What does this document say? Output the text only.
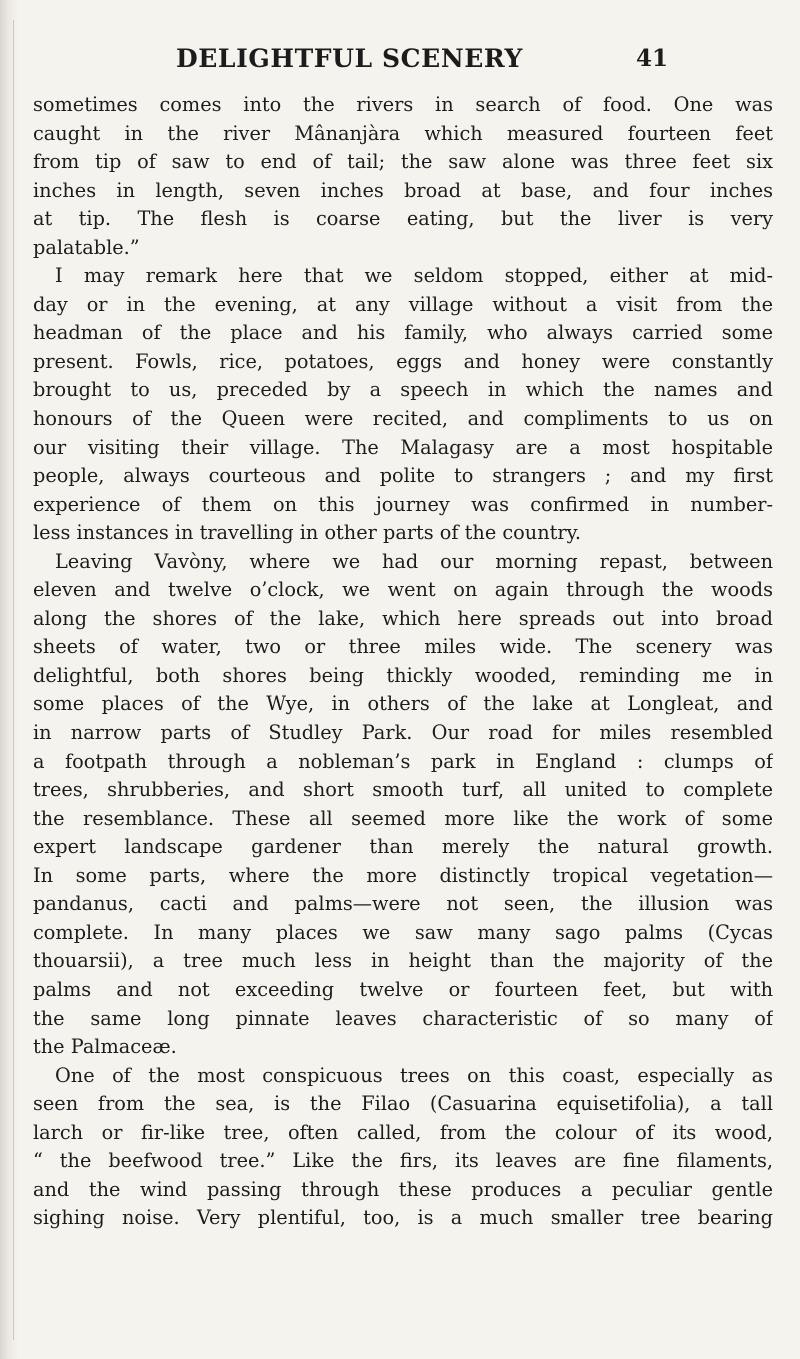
DELIGHTFUL SCENERY	41
sometimes comes into the rivers in search of food. One was
caught in the river Mânanjàra which measured fourteen feet
from tip of saw to end of tail; the saw alone was three feet six
inches in length, seven inches broad at base, and four inches
at tip. The flesh is coarse eating, but the liver is very
palatable.”
I may remark here that we seldom stopped, either at mid-
day or in the evening, at any village without a visit from the
headman of the place and his family, who always carried some
present. Fowls, rice, potatoes, eggs and honey were constantly
brought to us, preceded by a speech in which the names and
honours of the Queen were recited, and compliments to us on
our visiting their village. The Malagasy are a most hospitable
people, always courteous and polite to strangers ; and my first
experience of them on this journey was confirmed in number-
less instances in travelling in other parts of the country.
Leaving Vavòny, where we had our morning repast, between
eleven and twelve o’clock, we went on again through the woods
along the shores of the lake, which here spreads out into broad
sheets of water, two or three miles wide. The scenery was
delightful, both shores being thickly wooded, reminding me in
some places of the Wye, in others of the lake at Longleat, and
in narrow parts of Studley Park. Our road for miles resembled
a footpath through a nobleman’s park in England : clumps of
trees, shrubberies, and short smooth turf, all united to complete
the resemblance. These all seemed more like the work of some
expert landscape gardener than merely the natural growth.
In some parts, where the more distinctly tropical vegetation—
pandanus, cacti and palms—were not seen, the illusion was
complete. In many places we saw many sago palms (Cycas
thouarsii), a tree much less in height than the majority of the
palms and not exceeding twelve or fourteen feet, but with
the same long pinnate leaves characteristic of so many of
the Palmaceæ.
One of the most conspicuous trees on this coast, especially as
seen from the sea, is the Filao (Casuarina equisetifolia), a tall
larch or fir-like tree, often called, from the colour of its wood,
“ the beefwood tree.” Like the firs, its leaves are fine filaments,
and the wind passing through these produces a peculiar gentle
sighing noise. Very plentiful, too, is a much smaller tree bearing
